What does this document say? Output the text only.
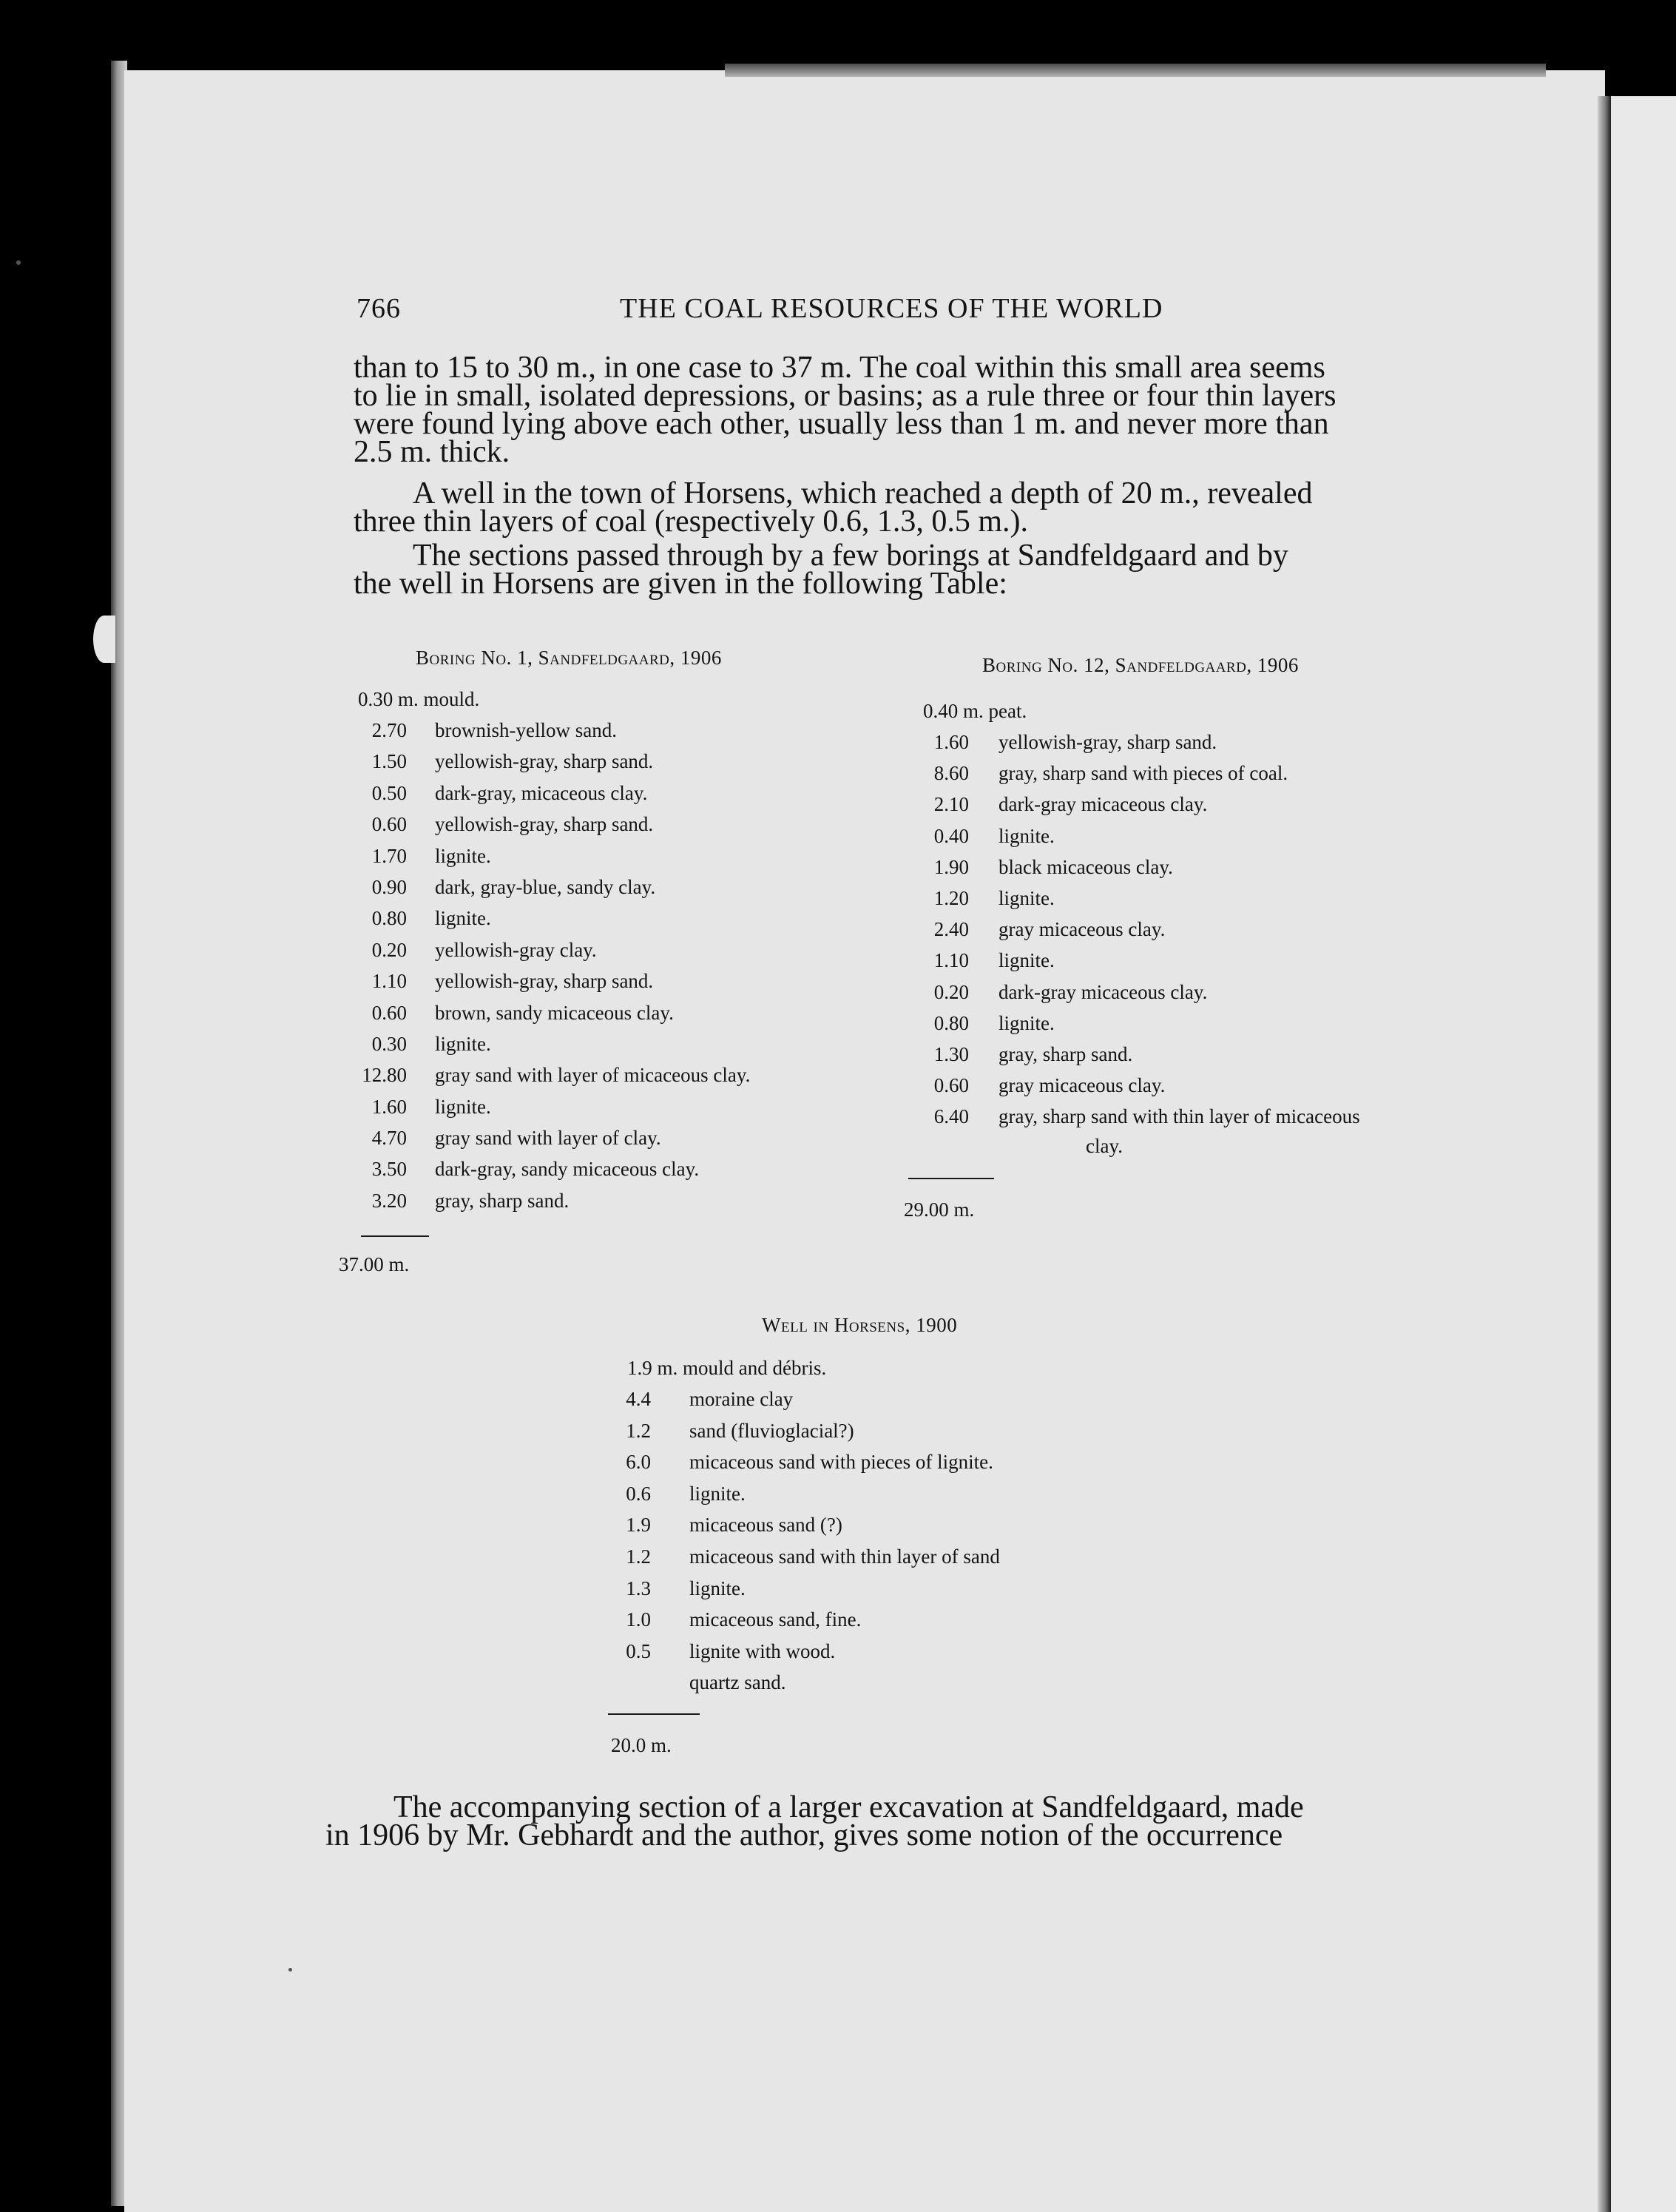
766	THE COAL RESOURCES OF THE WORLD
than to 15 to 30 m., in one case to 37 m. The coal within this small area seems
to lie in small, isolated depressions, or basins; as a rule three or four thin layers
were found lying above each other, usually less than 1 m. and never more than
2.5 m. thick.
A well in the town of Horsens, which reached a depth of 20 m., revealed
three thin layers of coal (respectively 0.6, 1.3, 0.5 m.).
The sections passed through by a few borings at Sandfeldgaard and by
the well in Horsens are given in the following Table:
Boring No. 1, Sandfeldgaard, 1906
0.30 m. mould.
2.70 brownish-yellow sand.
1.50 yellowish-gray, sharp sand.
0.50 dark-gray, micaceous clay.
0.60 yellowish-gray, sharp sand.
1.70 lignite.
0.90 dark, gray-blue, sandy clay.
0.80 lignite.
0.20 yellowish-gray clay.
1.10 yellowish-gray, sharp sand.
0.60 brown, sandy micaceous clay.
0.30 lignite.
12.80 gray sand with layer of micaceous clay.
1.60 lignite.
4.70 gray sand with layer of clay.
3.50 dark-gray, sandy micaceous clay.
3.20 gray, sharp sand.
37.00 m.
Boring No. 12, Sandfeldgaard, 1906
0.40 m. peat.
1.60 yellowish-gray, sharp sand.
8.60 gray, sharp sand with pieces of coal.
2.10 dark-gray micaceous clay.
0.40 lignite.
1.90 black micaceous clay.
1.20 lignite.
2.40 gray micaceous clay.
1.10 lignite.
0.20 dark-gray micaceous clay.
0.80 lignite.
1.30 gray, sharp sand.
0.60 gray micaceous clay.
6.40 gray, sharp sand with thin layer of micaceous
clay.
29.00 m.
Well in Horsens, 1900
1.9 m. mould and débris.
4.4 moraine clay
1.2 sand (fluvioglacial?)
6.0 micaceous sand with pieces of lignite.
0.6 lignite.
1.9 micaceous sand (?)
1.2 micaceous sand with thin layer of sand
1.3 lignite.
1.0 micaceous sand, fine.
0.5 lignite with wood.
quartz sand.
20.0 m.
The accompanying section of a larger excavation at Sandfeldgaard, made
in 1906 by Mr. Gebhardt and the author, gives some notion of the occurrence
